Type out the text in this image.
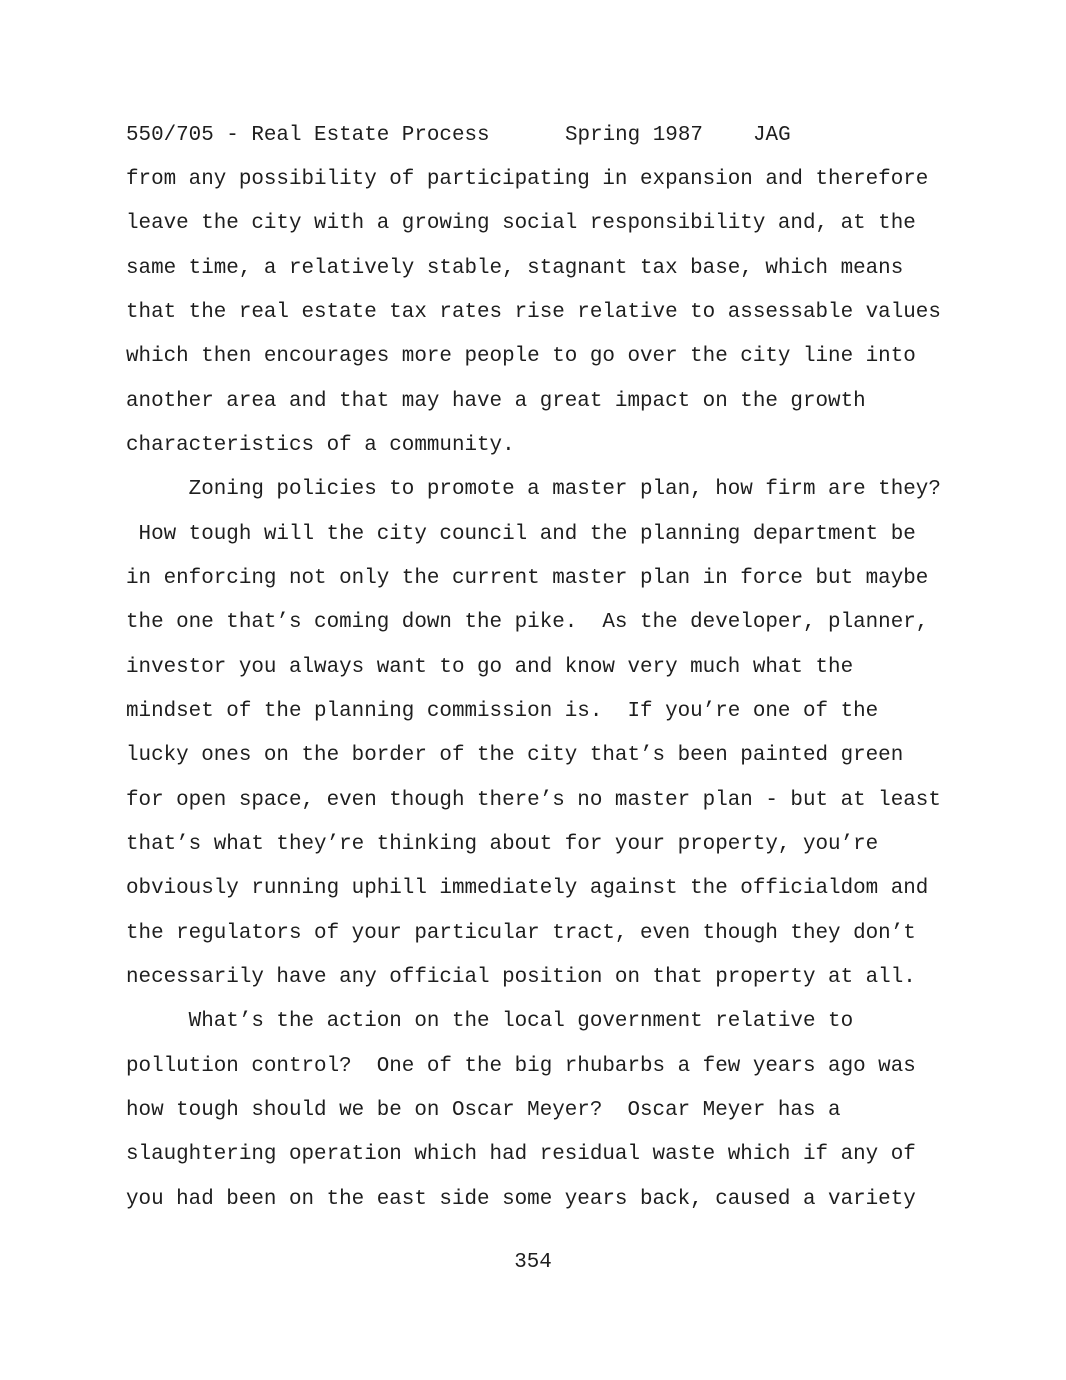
550/705 - Real Estate Process

	Spring 1987

JAG

from any possibility of participating in expansion and therefore
leave the city with a growing social responsibility and, at the
same time, a relatively stable, stagnant tax base, which means
that the real estate tax rates rise relative to assessable values
which then encourages more people to go over the city line into
another area and that may have a great impact on the growth
characteristics of a community.
Zoning policies to promote a master plan, how firm are they?
How tough will the city council and the planning department be
in enforcing not only the current master plan in force but maybe
the one that’s coming down the pike.  As the developer, planner,
investor you always want to go and know very much what the
mindset of the planning commission is.  If you’re one of the
lucky ones on the border of the city that’s been painted green
for open space, even though there’s no master plan - but at least
that’s what they’re thinking about for your property, you’re
obviously running uphill immediately against the officialdom and
the regulators of your particular tract, even though they don’t
necessarily have any official position on that property at all.
What’s the action on the local government relative to
pollution control?  One of the big rhubarbs a few years ago was
how tough should we be on Oscar Meyer?  Oscar Meyer has a
slaughtering operation which had residual waste which if any of
you had been on the east side some years back, caused a variety
354
